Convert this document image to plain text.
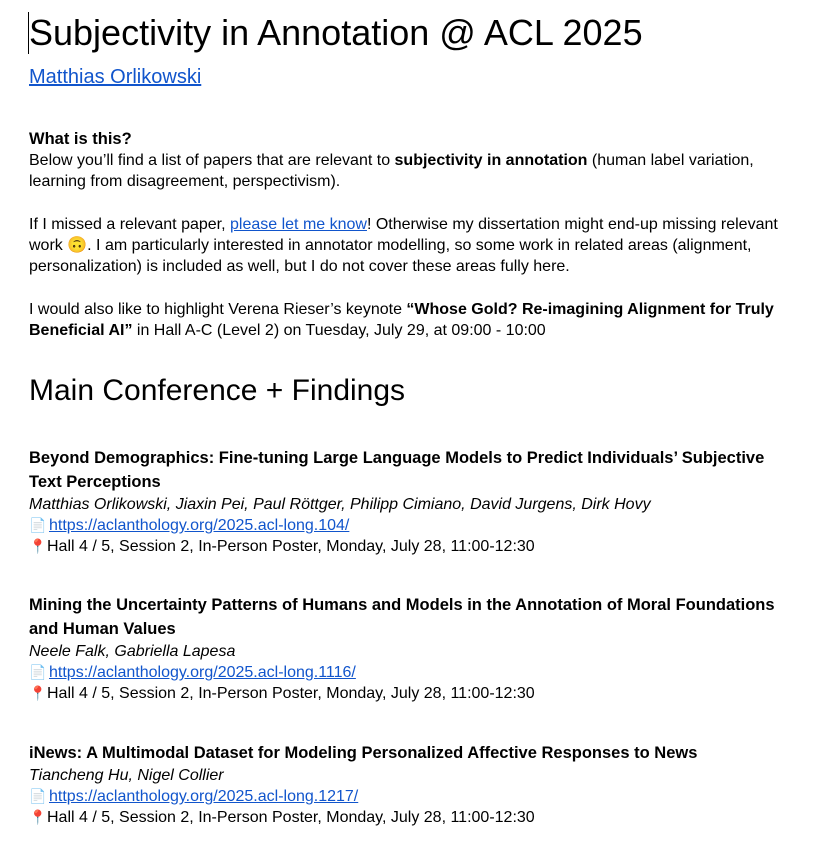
Subjectivity in Annotation @ ACL 2025
Matthias Orlikowski
What is this?

Below you’ll find a list of papers that are relevant to subjectivity in annotation (human label variation, learning from disagreement, perspectivism).

If I missed a relevant paper, please let me know! Otherwise my dissertation might end-up missing relevant work 🙃. I am particularly interested in annotator modelling, so some work in related areas (alignment, personalization) is included as well, but I do not cover these areas fully here.

I would also like to highlight Verena Rieser’s keynote “Whose Gold? Re-imagining Alignment for Truly Beneficial AI” in Hall A-C (Level 2) on Tuesday, July 29, at 09:00 - 10:00

Main Conference + Findings
Beyond Demographics: Fine-tuning Large Language Models to Predict Individuals’ Subjective Text Perceptions
Matthias Orlikowski, Jiaxin Pei, Paul Röttger, Philipp Cimiano, David Jurgens, Dirk Hovy
📄 https://aclanthology.org/2025.acl-long.104/
📍Hall 4 / 5, Session 2, In-Person Poster, Monday, July 28, 11:00-12:30
Mining the Uncertainty Patterns of Humans and Models in the Annotation of Moral Foundations and Human Values
Neele Falk, Gabriella Lapesa
📄 https://aclanthology.org/2025.acl-long.1116/
📍Hall 4 / 5, Session 2, In-Person Poster, Monday, July 28, 11:00-12:30
iNews: A Multimodal Dataset for Modeling Personalized Affective Responses to News
Tiancheng Hu, Nigel Collier
📄 https://aclanthology.org/2025.acl-long.1217/
📍Hall 4 / 5, Session 2, In-Person Poster, Monday, July 28, 11:00-12:30
